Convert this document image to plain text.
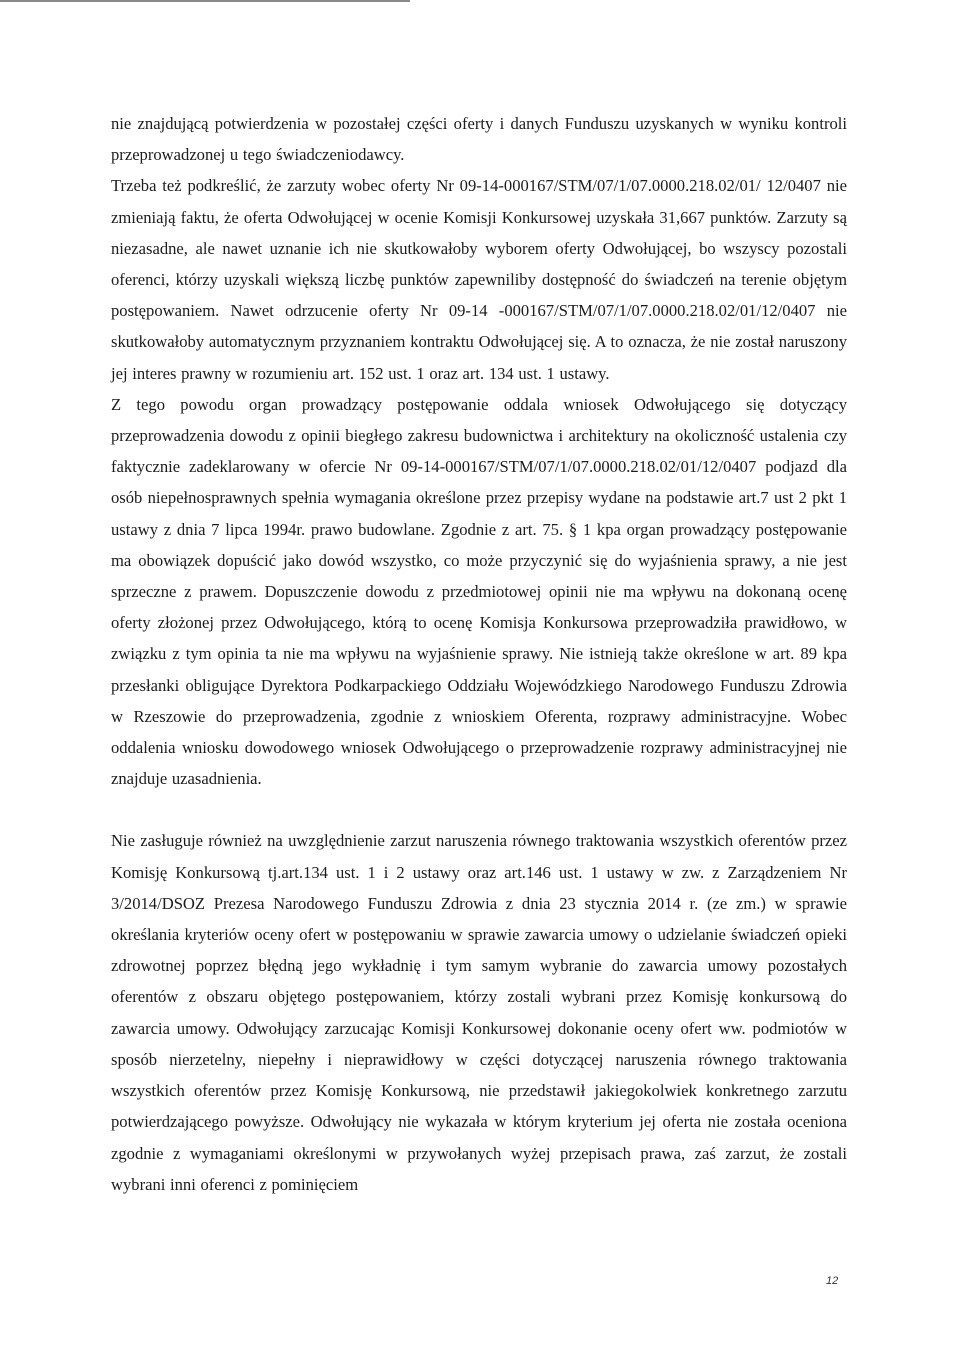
nie znajdującą potwierdzenia w pozostałej części oferty i danych Funduszu uzyskanych w wyniku kontroli przeprowadzonej u tego świadczeniodawcy.

Trzeba też podkreślić, że zarzuty wobec oferty Nr 09-14-000167/STM/07/1/07.0000.218.02/01/ 12/0407 nie zmieniają faktu, że oferta Odwołującej w ocenie Komisji Konkursowej uzyskała 31,667 punktów. Zarzuty są niezasadne, ale nawet uznanie ich nie skutkowałoby wyborem oferty Odwołującej, bo wszyscy pozostali oferenci, którzy uzyskali większą liczbę punktów zapewniliby dostępność do świadczeń na terenie objętym postępowaniem. Nawet odrzucenie oferty Nr 09-14 -000167/STM/07/1/07.0000.218.02/01/12/0407 nie skutkowałoby automatycznym przyznaniem kontraktu Odwołującej się. A to oznacza, że nie został naruszony jej interes prawny w rozumieniu art. 152 ust. 1 oraz art. 134 ust. 1 ustawy.

Z tego powodu organ prowadzący postępowanie oddala wniosek Odwołującego się dotyczący przeprowadzenia dowodu z opinii biegłego zakresu budownictwa i architektury na okoliczność ustalenia czy faktycznie zadeklarowany w ofercie Nr 09-14-000167/STM/07/1/07.0000.218.02/01/12/0407 podjazd dla osób niepełnosprawnych spełnia wymagania określone przez przepisy wydane na podstawie art.7 ust 2 pkt 1 ustawy z dnia 7 lipca 1994r. prawo budowlane. Zgodnie z art. 75. § 1 kpa organ prowadzący postępowanie ma obowiązek dopuścić jako dowód wszystko, co może przyczynić się do wyjaśnienia sprawy, a nie jest sprzeczne z prawem. Dopuszczenie dowodu z przedmiotowej opinii nie ma wpływu na dokonaną ocenę oferty złożonej przez Odwołującego, którą to ocenę Komisja Konkursowa przeprowadziła prawidłowo, w związku z tym opinia ta nie ma wpływu na wyjaśnienie sprawy. Nie istnieją także określone w art. 89 kpa przesłanki obligujące Dyrektora Podkarpackiego Oddziału Wojewódzkiego Narodowego Funduszu Zdrowia w Rzeszowie do przeprowadzenia, zgodnie z wnioskiem Oferenta, rozprawy administracyjne. Wobec oddalenia wniosku dowodowego wniosek Odwołującego o przeprowadzenie rozprawy administracyjnej nie znajduje uzasadnienia.

Nie zasługuje również na uwzględnienie zarzut naruszenia równego traktowania wszystkich oferentów przez Komisję Konkursową tj.art.134 ust. 1 i 2 ustawy oraz art.146 ust. 1 ustawy w zw. z Zarządzeniem Nr 3/2014/DSOZ Prezesa Narodowego Funduszu Zdrowia z dnia 23 stycznia 2014 r. (ze zm.) w sprawie określania kryteriów oceny ofert w postępowaniu w sprawie zawarcia umowy o udzielanie świadczeń opieki zdrowotnej poprzez błędną jego wykładnię i tym samym wybranie do zawarcia umowy pozostałych oferentów z obszaru objętego postępowaniem, którzy zostali wybrani przez Komisję konkursową do zawarcia umowy. Odwołujący zarzucając Komisji Konkursowej dokonanie oceny ofert ww. podmiotów w sposób nierzetelny, niepełny i nieprawidłowy w części dotyczącej naruszenia równego traktowania wszystkich oferentów przez Komisję Konkursową, nie przedstawił jakiegokolwiek konkretnego zarzutu potwierdzającego powyższe. Odwołujący nie wykazała w którym kryterium jej oferta nie została oceniona zgodnie z wymaganiami określonymi w przywołanych wyżej przepisach prawa, zaś zarzut, że zostali wybrani inni oferenci z pominięciem

12
